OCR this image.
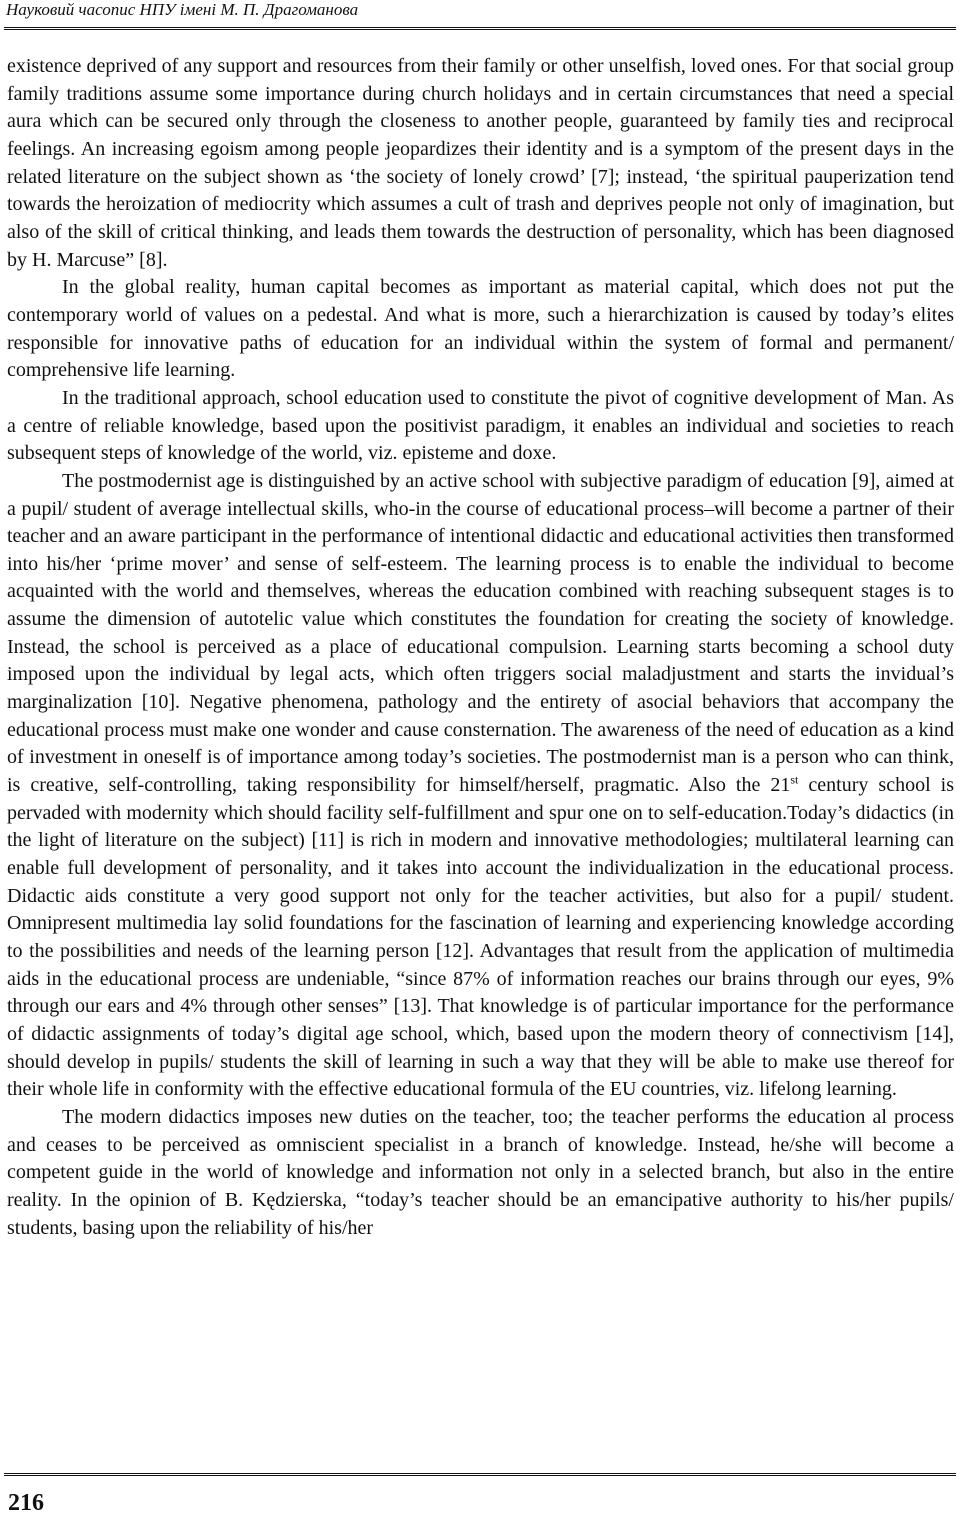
Науковий часопис НПУ імені М. П. Драгоманова

existence deprived of any support and resources from their family or other unselfish, loved ones. For that social group family traditions assume some importance during church holidays and in certain circumstances that need a special aura which can be secured only through the closeness to another people, guaranteed by family ties and reciprocal feelings. An increasing egoism among people jeopardizes their identity and is a symptom of the present days in the related literature on the subject shown as ‘the society of lonely crowd’ [7]; instead, ‘the spiritual pauperization tend towards the heroization of mediocrity which assumes a cult of trash and deprives people not only of imagination, but also of the skill of critical thinking, and leads them towards the destruction of personality, which has been diagnosed by H. Marcuse” [8].

In the global reality, human capital becomes as important as material capital, which does not put the contemporary world of values on a pedestal. And what is more, such a hierarchization is caused by today’s elites responsible for innovative paths of education for an individual within the system of formal and permanent/ comprehensive life learning.

In the traditional approach, school education used to constitute the pivot of cognitive development of Man. As a centre of reliable knowledge, based upon the positivist paradigm, it enables an individual and societies to reach subsequent steps of knowledge of the world, viz. episteme and doxe.

The postmodernist age is distinguished by an active school with subjective paradigm of education [9], aimed at a pupil/ student of average intellectual skills, who-in the course of educational process–will become a partner of their teacher and an aware participant in the performance of intentional didactic and educational activities then transformed into his/her ‘prime mover’ and sense of self-esteem. The learning process is to enable the individual to become acquainted with the world and themselves, whereas the education combined with reaching subsequent stages is to assume the dimension of autotelic value which constitutes the foundation for creating the society of knowledge. Instead, the school is perceived as a place of educational compulsion. Learning starts becoming a school duty imposed upon the individual by legal acts, which often triggers social maladjustment and starts the invidual’s marginalization [10]. Negative phenomena, pathology and the entirety of asocial behaviors that accompany the educational process must make one wonder and cause consternation. The awareness of the need of education as a kind of investment in oneself is of importance among today’s societies. The postmodernist man is a person who can think, is creative, self-controlling, taking responsibility for himself/herself, pragmatic. Also the 21st century school is pervaded with modernity which should facility self-fulfillment and spur one on to self-education.Today’s didactics (in the light of literature on the subject) [11] is rich in modern and innovative methodologies; multilateral learning can enable full development of personality, and it takes into account the individualization in the educational process. Didactic aids constitute a very good support not only for the teacher activities, but also for a pupil/ student. Omnipresent multimedia lay solid foundations for the fascination of learning and experiencing knowledge according to the possibilities and needs of the learning person [12]. Advantages that result from the application of multimedia aids in the educational process are undeniable, “since 87% of information reaches our brains through our eyes, 9% through our ears and 4% through other senses” [13]. That knowledge is of particular importance for the performance of didactic assignments of today’s digital age school, which, based upon the modern theory of connectivism [14], should develop in pupils/ students the skill of learning in such a way that they will be able to make use thereof for their whole life in conformity with the effective educational formula of the EU countries, viz. lifelong learning.

The modern didactics imposes new duties on the teacher, too; the teacher performs the education al process and ceases to be perceived as omniscient specialist in a branch of knowledge. Instead, he/she will become a competent guide in the world of knowledge and information not only in a selected branch, but also in the entire reality. In the opinion of B. Kędzierska, “today’s teacher should be an emancipative authority to his/her pupils/ students, basing upon the reliability of his/her

216
